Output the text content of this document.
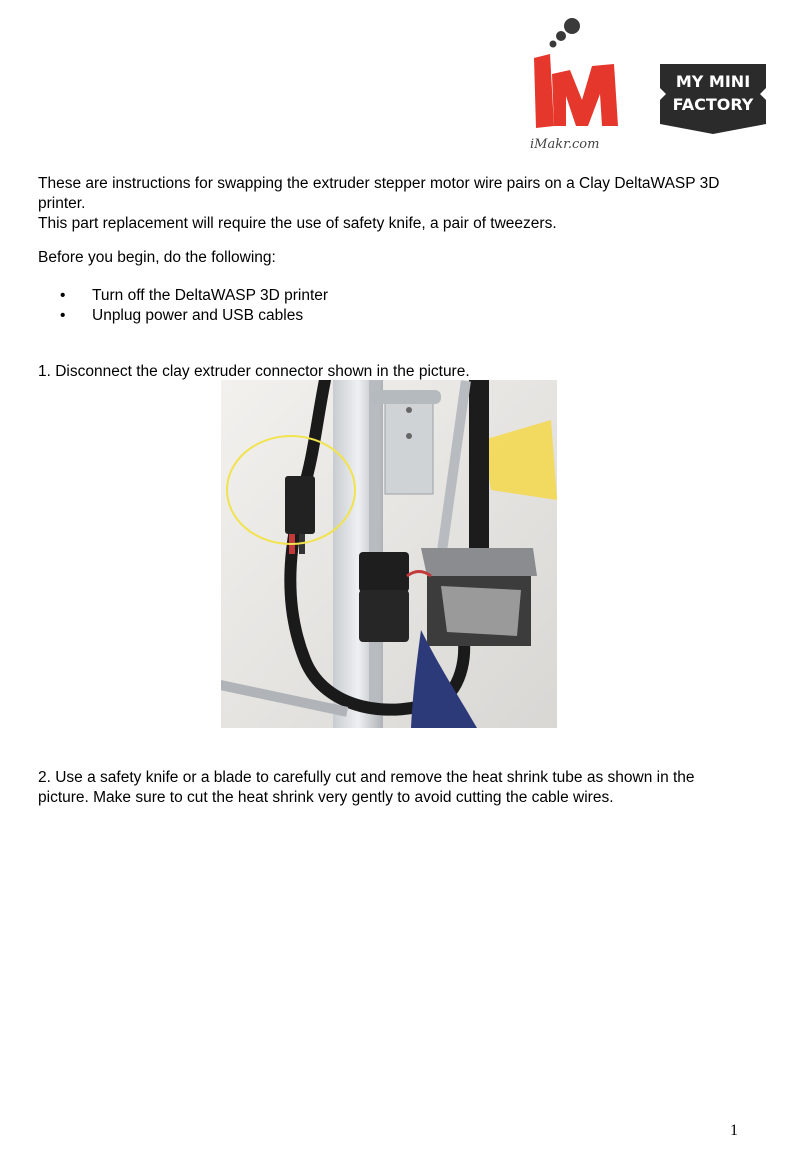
iMakr.com
MY MINI
FACTORY

These are instructions for swapping the extruder stepper motor wire pairs on a Clay DeltaWASP 3D printer.

This part replacement will require the use of safety knife, a pair of tweezers.

Before you begin, do the following:

• Turn off the DeltaWASP 3D printer
• Unplug power and USB cables

1. Disconnect the clay extruder connector shown in the picture.

2. Use a safety knife or a blade to carefully cut and remove the heat shrink tube as shown in the picture. Make sure to cut the heat shrink very gently to avoid cutting the cable wires.

1
